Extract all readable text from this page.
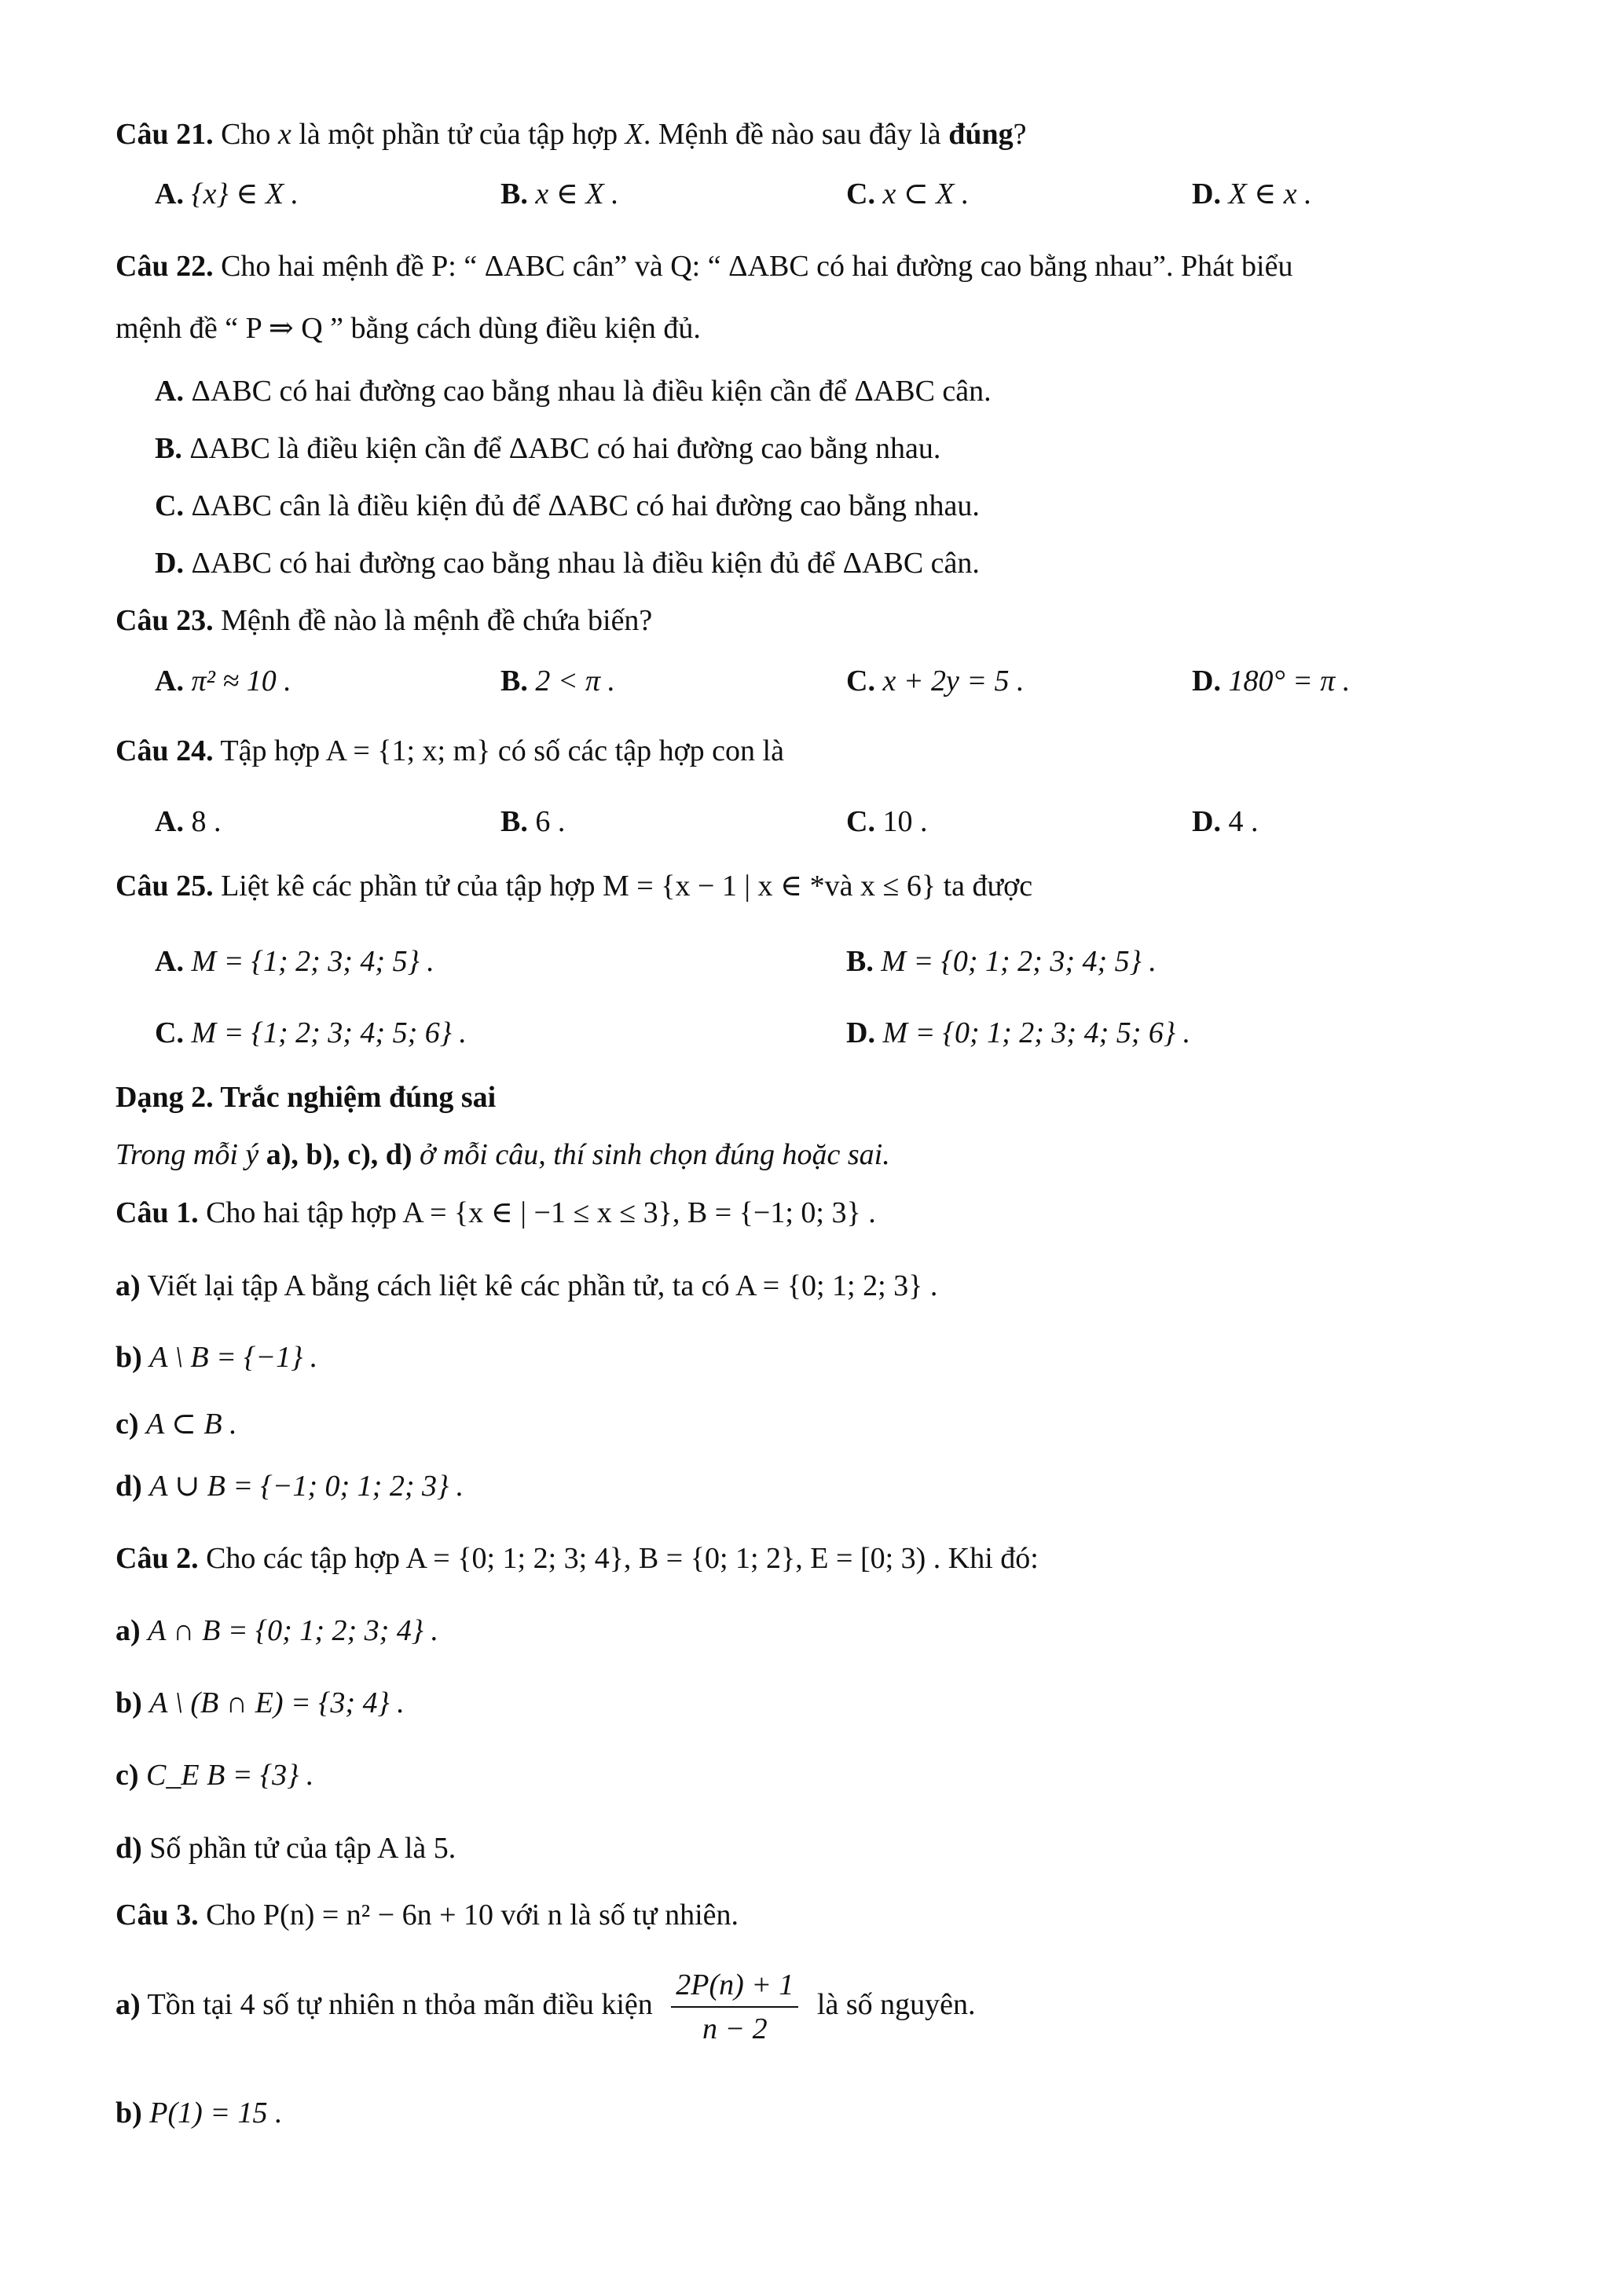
Câu 21. Cho x là một phần tử của tập hợp X. Mệnh đề nào sau đây là đúng?
A. {x} ∈ X .	B. x ∈ X .	C. x ⊂ X .	D. X ∈ x .
Câu 22. Cho hai mệnh đề P: “ ΔABC cân” và Q: “ ΔABC có hai đường cao bằng nhau”. Phát biểu
mệnh đề “ P ⇒ Q ” bằng cách dùng điều kiện đủ.
A. ΔABC có hai đường cao bằng nhau là điều kiện cần để ΔABC cân.
B. ΔABC là điều kiện cần để ΔABC có hai đường cao bằng nhau.
C. ΔABC cân là điều kiện đủ để ΔABC có hai đường cao bằng nhau.
D. ΔABC có hai đường cao bằng nhau là điều kiện đủ để ΔABC cân.
Câu 23. Mệnh đề nào là mệnh đề chứa biến?
A. π² ≈ 10 .	B. 2 < π .	C. x + 2y = 5 .	D. 180° = π .
Câu 24. Tập hợp A = {1; x; m} có số các tập hợp con là
A. 8 .	B. 6 .	C. 10 .	D. 4 .
Câu 25. Liệt kê các phần tử của tập hợp M = {x − 1 | x ∈ *và x ≤ 6} ta được
A. M = {1; 2; 3; 4; 5} .	B. M = {0; 1; 2; 3; 4; 5} .
C. M = {1; 2; 3; 4; 5; 6} .	D. M = {0; 1; 2; 3; 4; 5; 6} .
Dạng 2. Trắc nghiệm đúng sai
Trong mỗi ý a), b), c), d) ở mỗi câu, thí sinh chọn đúng hoặc sai.
Câu 1. Cho hai tập hợp A = {x ∈ | −1 ≤ x ≤ 3}, B = {−1; 0; 3} .
a) Viết lại tập A bằng cách liệt kê các phần tử, ta có A = {0; 1; 2; 3} .
b) A \ B = {−1} .
c) A ⊂ B .
d) A ∪ B = {−1; 0; 1; 2; 3} .
Câu 2. Cho các tập hợp A = {0; 1; 2; 3; 4}, B = {0; 1; 2}, E = [0; 3) . Khi đó:
a) A ∩ B = {0; 1; 2; 3; 4} .
b) A \ (B ∩ E) = {3; 4} .
c) C_E B = {3} .
d) Số phần tử của tập A là 5.
Câu 3. Cho P(n) = n² − 6n + 10 với n là số tự nhiên.
a) Tồn tại 4 số tự nhiên n thỏa mãn điều kiện $\frac{2P(n) + 1}{n - 2}$ là số nguyên.
b) P(1) = 15 .
